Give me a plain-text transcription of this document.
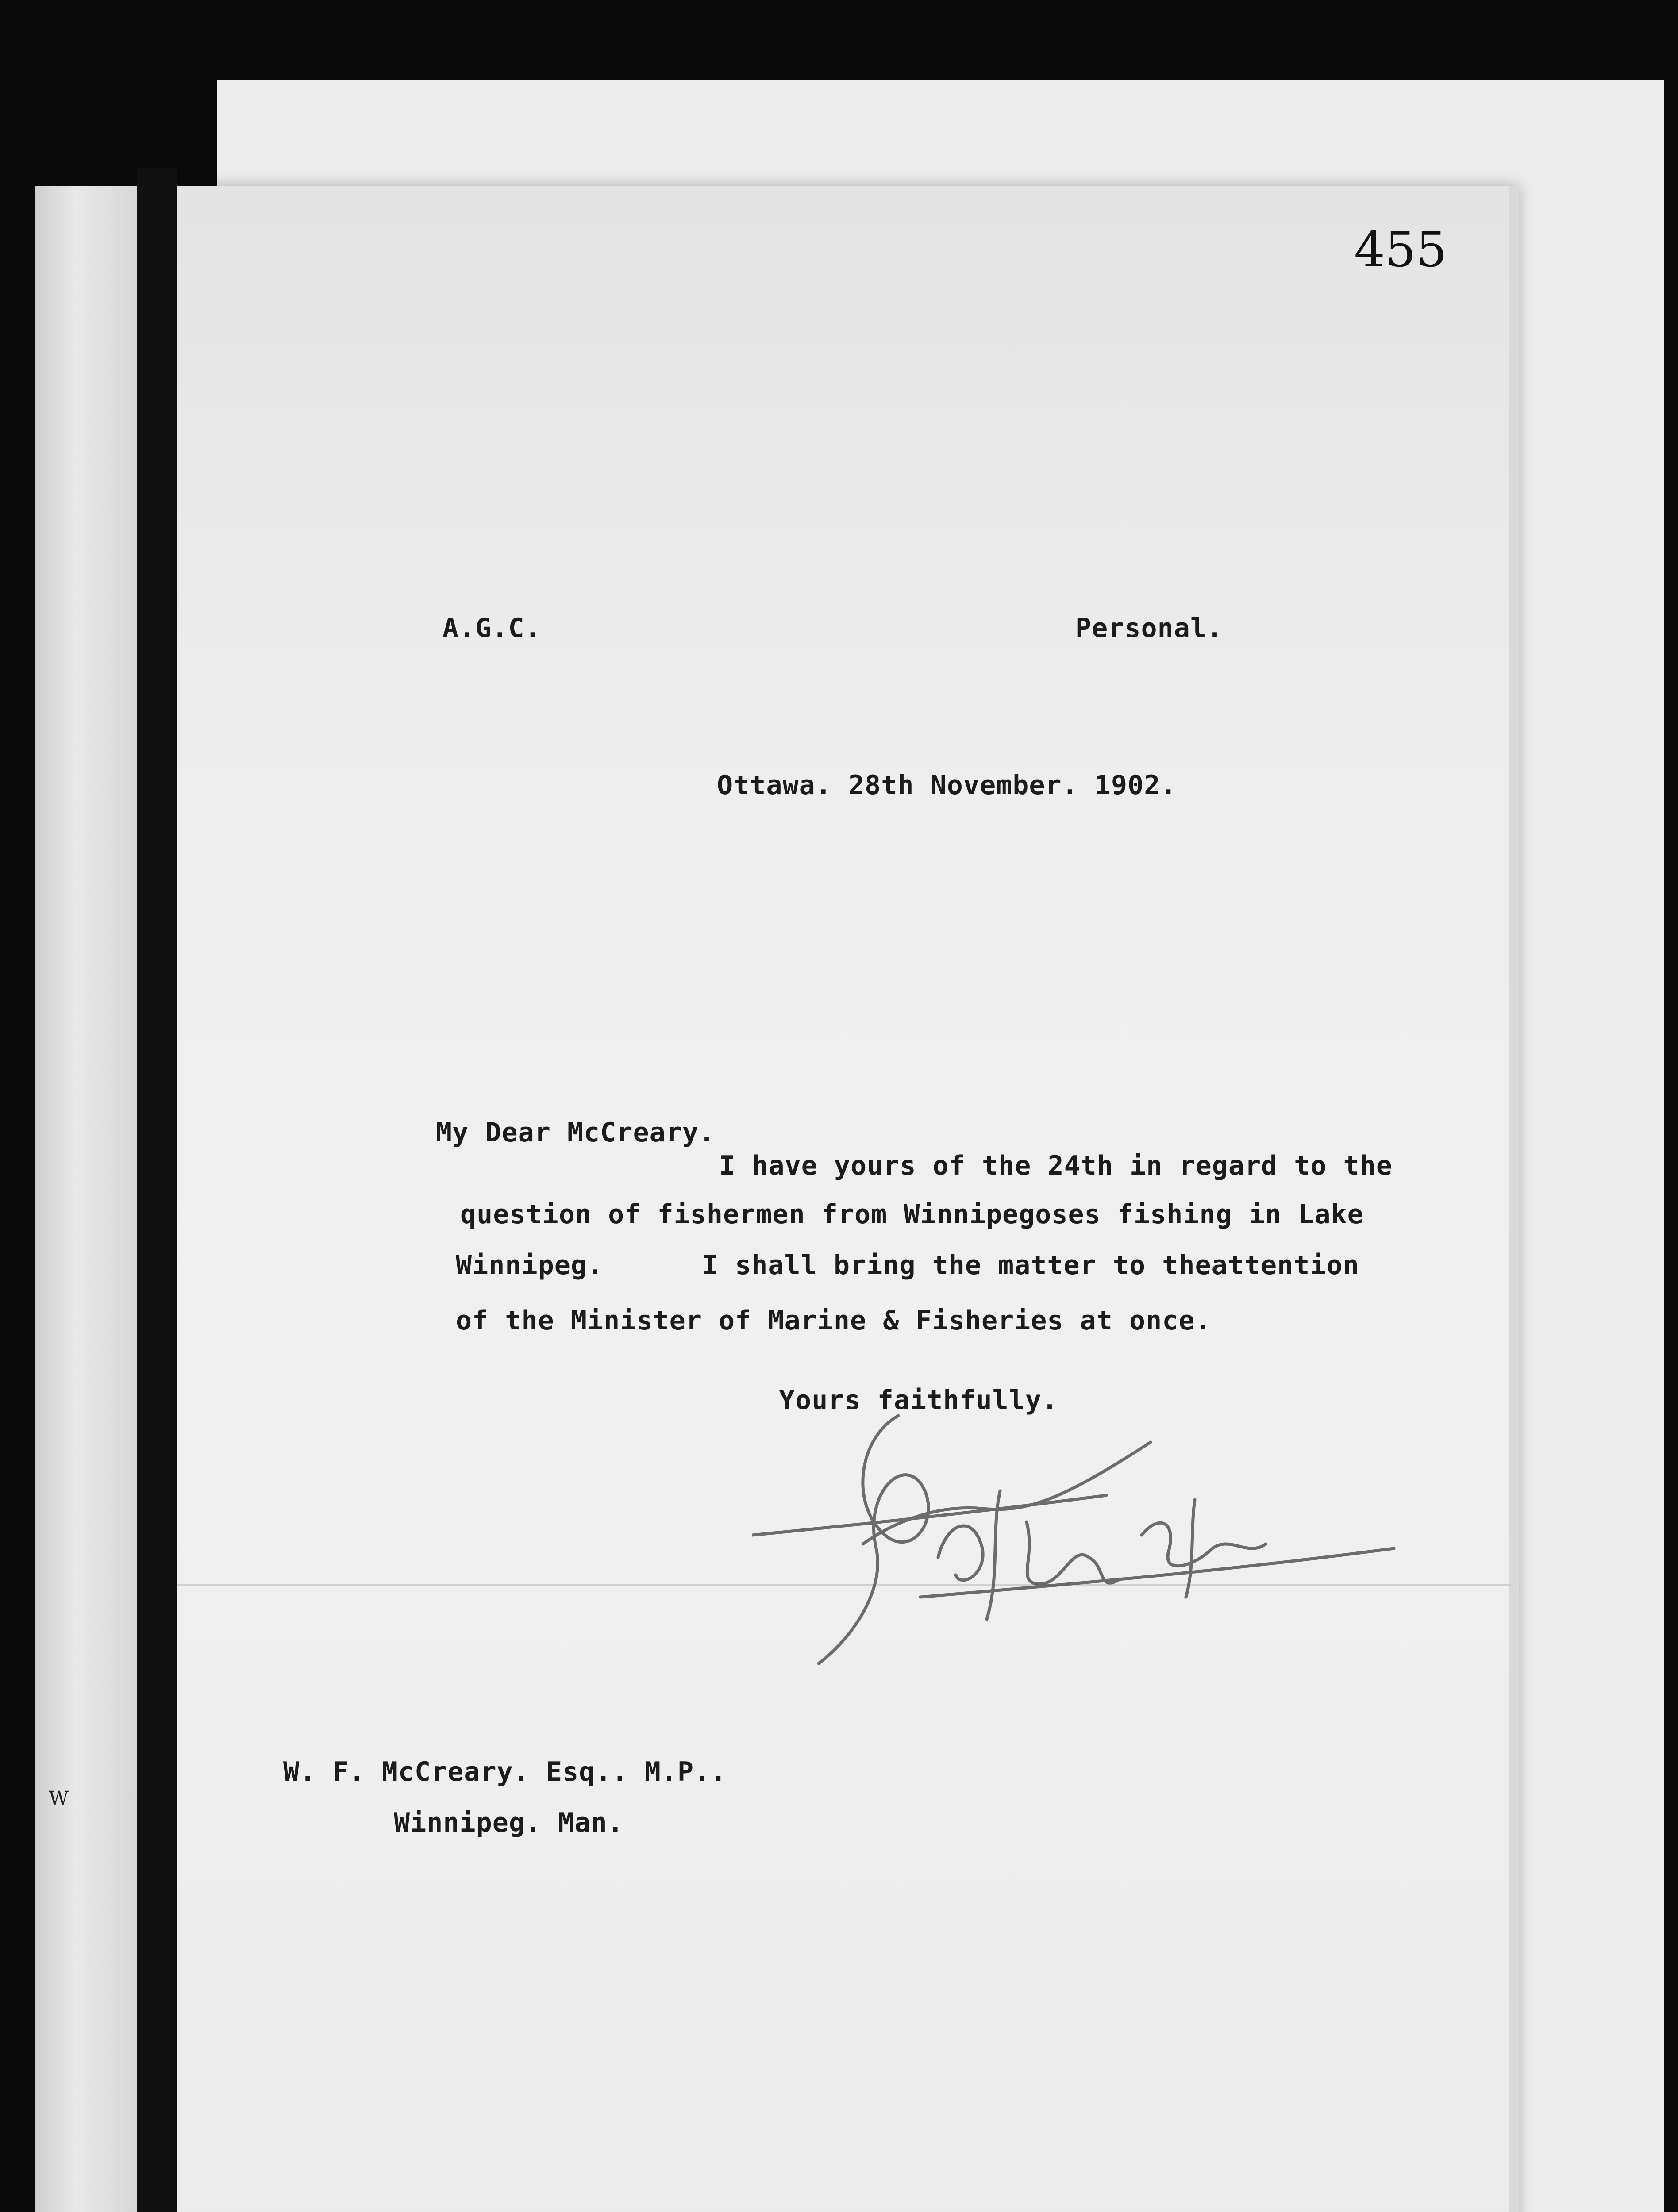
W
455
A.G.C.	Personal.
Ottawa. 28th November. 1902.
My Dear McCreary.
I have yours of the 24th in regard to the
question of fishermen from Winnipegoses fishing in Lake
Winnipeg.      I shall bring the matter to theattention
of the Minister of Marine & Fisheries at once.
Yours faithfully.
W. F. McCreary. Esq.. M.P..
Winnipeg. Man.
